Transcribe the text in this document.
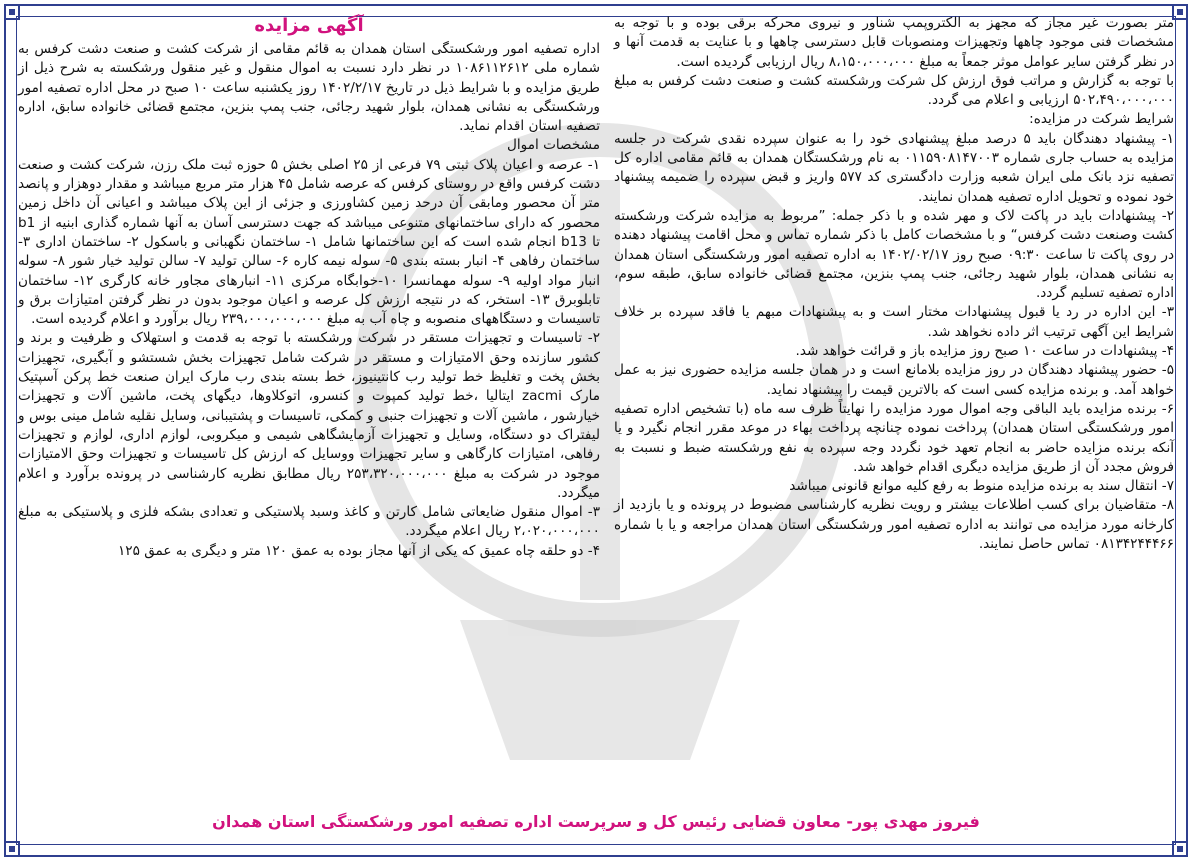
آگهی مزایده

اداره تصفیه امور ورشکستگی استان همدان به قائم مقامی از شرکت کشت و صنعت دشت کرفس به شماره ملی ۱۰۸۶۱۱۲۶۱۲ در نظر دارد نسبت به اموال منقول و غیر منقول ورشکسته به شرح ذیل از طریق مزایده و با شرایط ذیل در تاریخ ۱۴۰۲/۲/۱۷ روز یکشنبه ساعت ۱۰ صبح در محل اداره تصفیه امور ورشکستگی به نشانی همدان، بلوار شهید رجائی، جنب پمپ بنزین، مجتمع قضائی خانواده سابق، اداره تصفیه استان اقدام نماید.

مشخصات اموال

۱- عرصه و اعیان پلاک ثبتی ۷۹ فرعی از ۲۵ اصلی بخش ۵ حوزه ثبت ملک رزن، شرکت کشت و صنعت دشت کرفس واقع در روستای کرفس که عرصه شامل ۴۵ هزار متر مربع میباشد و مقدار دوهزار و پانصد متر آن محصور ومابقی آن درحد زمین کشاورزی و جزئی از این پلاک میباشد و اعیانی آن داخل زمین محصور که دارای ساختمانهای متنوعی میباشد که جهت دسترسی آسان به آنها شماره گذاری ابنیه از b1 تا b13 انجام شده است که این ساختمانها شامل ۱- ساختمان نگهبانی و باسکول ۲- ساختمان اداری ۳- ساختمان رفاهی ۴- انبار بسته بندی ۵- سوله نیمه کاره ۶- سالن تولید ۷- سالن تولید خیار شور ۸- سوله انبار مواد اولیه ۹- سوله مهمانسرا ۱۰-خوابگاه مرکزی ۱۱- انبارهای مجاور خانه کارگری ۱۲- ساختمان تابلوبرق ۱۳- استخر، که در نتیجه ارزش کل عرصه و اعیان موجود بدون در نظر گرفتن امتیازات برق و تاسیسات و دستگاههای منصوبه و چاه آب به مبلغ ۲۳۹،۰۰۰،۰۰۰،۰۰۰ ریال برآورد و اعلام گردیده است.

۲- تاسیسات و تجهیزات مستقر در شرکت ورشکسته با توجه به قدمت و استهلاک و ظرفیت و برند و کشور سازنده وحق الامتیازات و مستقر در شرکت شامل تجهیزات بخش شستشو و آبگیری، تجهیزات بخش پخت و تغلیظ خط تولید رب کانتینیوز، خط بسته بندی رب مارک ایران صنعت خط پرکن آسپتیک مارک zacmi ایتالیا ،خط تولید کمپوت و کنسرو، اتوکلاوها، دیگهای پخت، ماشین آلات و تجهیزات خیارشور ، ماشین آلات و تجهیزات جنبی و کمکی، تاسیسات و پشتیبانی، وسایل نقلیه شامل مینی بوس و لیفتراک دو دستگاه، وسایل و تجهیزات آزمایشگاهی شیمی و میکروبی، لوازم اداری، لوازم و تجهیزات رفاهی، امتیازات کارگاهی و سایر تجهیزات ووسایل که ارزش کل تاسیسات و تجهیزات وحق الامتیازات موجود در شرکت به مبلغ ۲۵۳،۳۲۰،۰۰۰،۰۰۰ ریال مطابق نظریه کارشناسی در پرونده برآورد و اعلام میگردد.

۳- اموال منقول ضایعاتی شامل کارتن و کاغذ وسبد پلاستیکی و تعدادی بشکه فلزی و پلاستیکی به مبلغ ۲،۰۲۰،۰۰۰،۰۰۰ ریال اعلام میگردد.

۴- دو حلقه چاه عمیق که یکی از آنها مجاز بوده به عمق ۱۲۰ متر و دیگری به عمق ۱۲۵

متر بصورت غیر مجاز که مجهز به الکتروپمپ شناور و نیروی محرکه برقی بوده و با توجه به مشخصات فنی موجود چاهها وتجهیزات ومنصوبات قابل دسترسی چاهها و با عنایت به قدمت آنها و در نظر گرفتن سایر عوامل موثر جمعاً به مبلغ ۸،۱۵۰،۰۰۰،۰۰۰ ریال ارزیابی گردیده است.

با توجه به گزارش و مراتب فوق ارزش کل شرکت ورشکسته کشت و صنعت دشت کرفس به مبلغ ۵۰۲،۴۹۰،۰۰۰،۰۰۰ ارزیابی و اعلام می گردد.

شرایط شرکت در مزایده:

۱- پیشنهاد دهندگان باید ۵ درصد مبلغ پیشنهادی خود را به عنوان سپرده نقدی شرکت در جلسه مزایده به حساب جاری شماره ۰۱۱۵۹۰۸۱۴۷۰۰۳ به نام ورشکستگان همدان به قائم مقامی اداره کل تصفیه نزد بانک ملی ایران شعبه وزارت دادگستری کد ۵۷۷ واریز و قبض سپرده را ضمیمه پیشنهاد خود نموده و تحویل اداره تصفیه همدان نمایند.

۲- پیشنهادات باید در پاکت لاک و مهر شده و با ذکر جمله: ”مربوط به مزایده شرکت ورشکسته کشت وصنعت دشت کرفس“ و با مشخصات کامل با ذکر شماره تماس و محل اقامت پیشنهاد دهنده در روی پاکت تا ساعت ۰۹:۳۰ صبح روز ۱۴۰۲/۰۲/۱۷ به اداره تصفیه امور ورشکستگی استان همدان به نشانی همدان، بلوار شهید رجائی، جنب پمپ بنزین، مجتمع قضائی خانواده سابق، طبقه سوم، اداره تصفیه تسلیم گردد.

۳- این اداره در رد یا قبول پیشنهادات مختار است و به پیشنهادات مبهم یا فاقد سپرده بر خلاف شرایط این آگهی ترتیب اثر داده نخواهد شد.

۴- پیشنهادات در ساعت ۱۰ صبح روز مزایده باز و قرائت خواهد شد.

۵- حضور پیشنهاد دهندگان در روز مزایده بلامانع است و در همان جلسه مزایده حضوری نیز به عمل خواهد آمد. و برنده مزایده کسی است که بالاترین قیمت را پیشنهاد نماید.

۶- برنده مزایده باید الباقی وجه اموال مورد مزایده را نهایتاً ظرف سه ماه (با تشخیص اداره تصفیه امور ورشکستگی استان همدان) پرداخت نموده چنانچه پرداخت بهاء در موعد مقرر انجام نگیرد و یا آنکه برنده مزایده حاضر به انجام تعهد خود نگردد وجه سپرده به نفع ورشکسته ضبط و نسبت به فروش مجدد آن از طریق مزایده دیگری اقدام خواهد شد.

۷- انتقال سند به برنده مزایده منوط به رفع کلیه موانع قانونی میباشد

۸- متقاضیان برای کسب اطلاعات بیشتر و رویت نظریه کارشناسی مضبوط در پرونده و یا بازدید از کارخانه مورد مزایده می توانند به اداره تصفیه امور ورشکستگی استان همدان مراجعه و یا با شماره ۰۸۱۳۴۲۴۴۴۶۶ تماس حاصل نمایند.

فیروز مهدی پور- معاون قضایی رئیس کل و سرپرست اداره تصفیه امور ورشکستگی استان همدان
